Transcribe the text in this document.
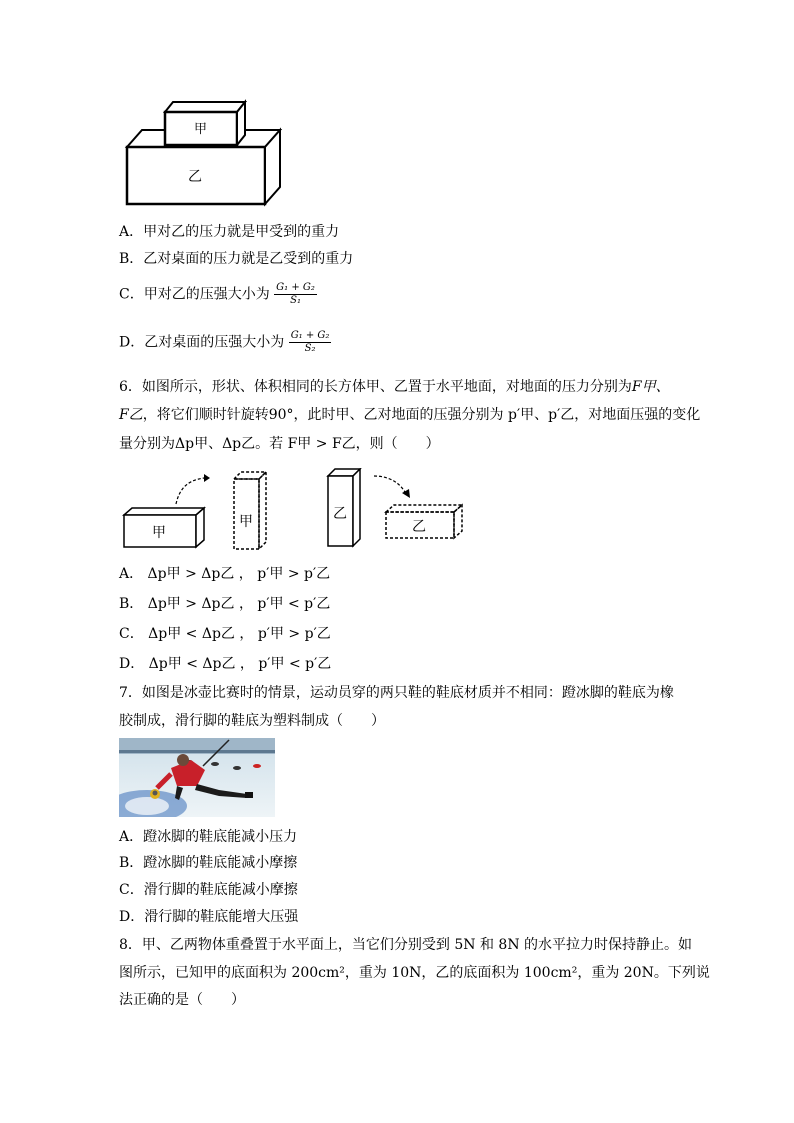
甲
乙
A．甲对乙的压力就是甲受到的重力
B．乙对桌面的压力就是乙受到的重力
C．甲对乙的压强大小为 $\frac{\text{G₁ + G₂}}{\text{S₁}}$
D．乙对桌面的压强大小为 $\frac{\text{G₁ + G₂}}{\text{S₂}}$
6．如图所示，形状、体积相同的长方体甲、乙置于水平地面，对地面的压力分别为F甲、
F乙，将它们顺时针旋转90°，此时甲、乙对地面的压强分别为 p′甲、p′乙，对地面压强的变化
量分别为Δp甲、Δp乙。若 F甲 > F乙，则（　　）
甲
甲	乙
乙
A． Δp甲 > Δp乙 ， p′甲 > p′乙
B． Δp甲 > Δp乙 ， p′甲 < p′乙
C． Δp甲 < Δp乙 ， p′甲 > p′乙
D． Δp甲 < Δp乙 ， p′甲 < p′乙
7．如图是冰壶比赛时的情景，运动员穿的两只鞋的鞋底材质并不相同：蹬冰脚的鞋底为橡
胶制成，滑行脚的鞋底为塑料制成（　　）
A．蹬冰脚的鞋底能减小压力
B．蹬冰脚的鞋底能减小摩擦
C．滑行脚的鞋底能减小摩擦
D．滑行脚的鞋底能增大压强
8．甲、乙两物体重叠置于水平面上，当它们分别受到 5N 和 8N 的水平拉力时保持静止。如
图所示，已知甲的底面积为 200cm²，重为 10N，乙的底面积为 100cm²，重为 20N。下列说
法正确的是（　　）
